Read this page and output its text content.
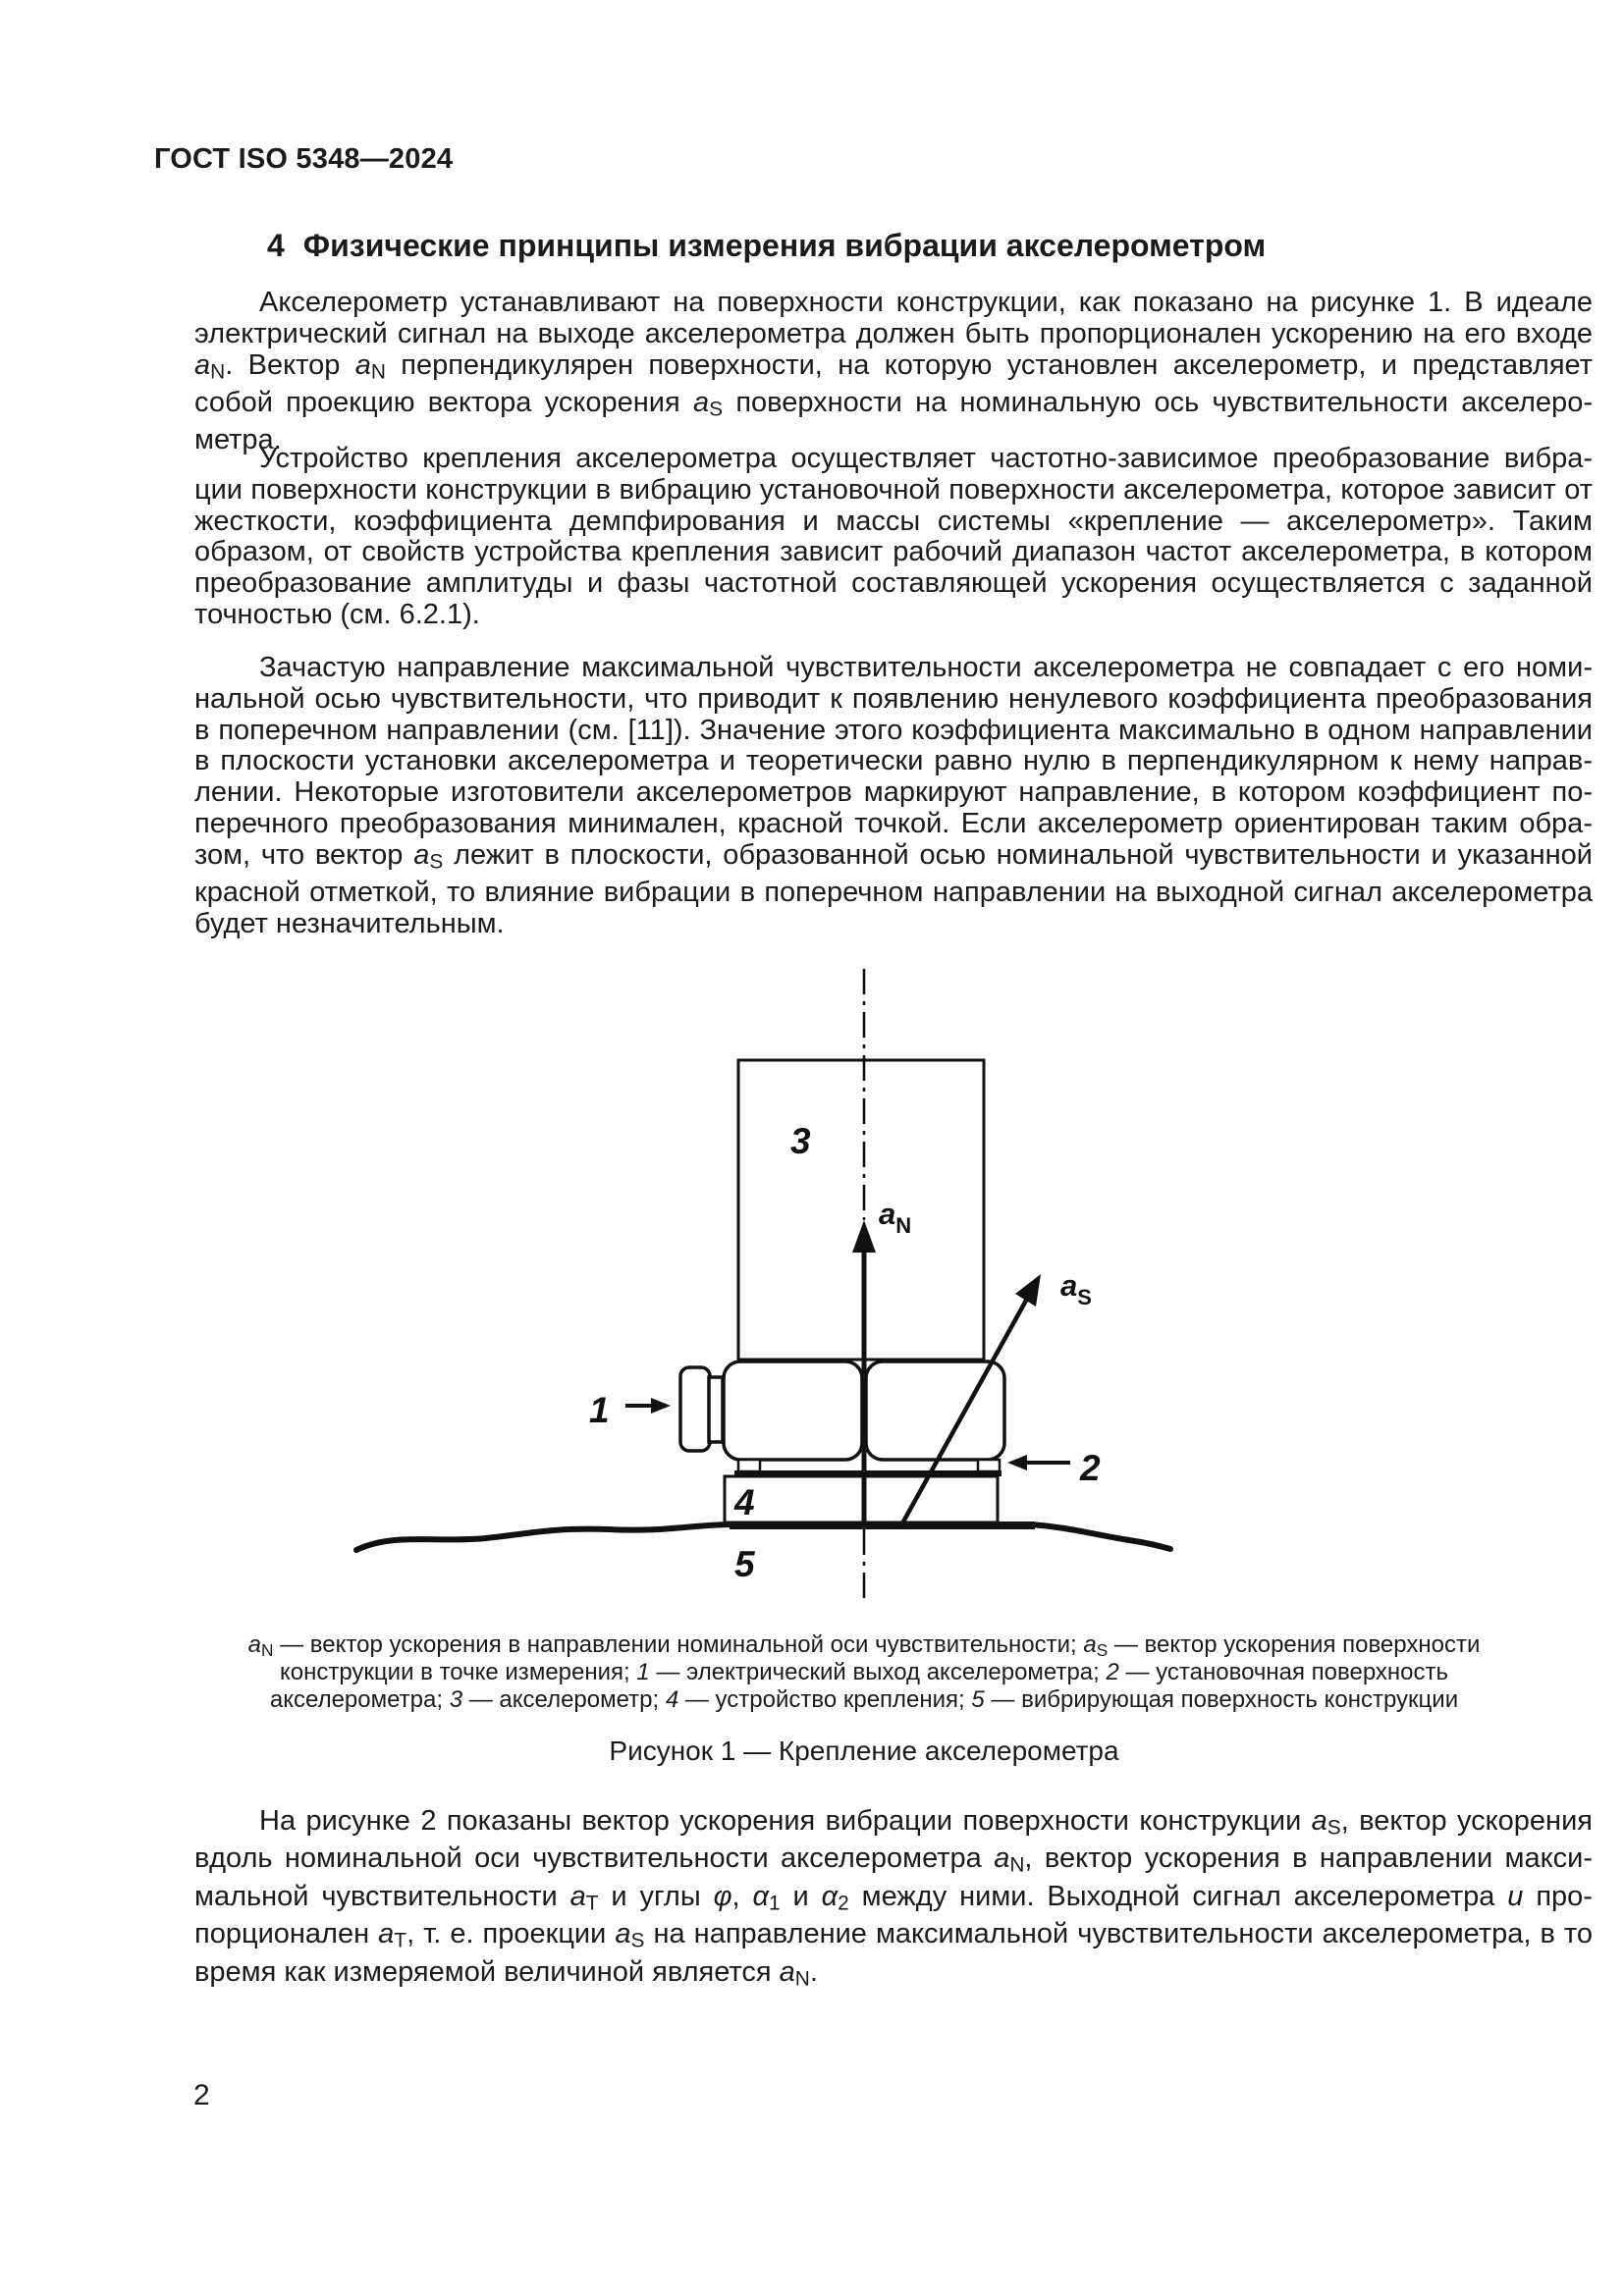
ГОСТ ISO 5348—2024
4 Физические принципы измерения вибрации акселерометром
Акселерометр устанавливают на поверхности конструкции, как показано на рисунке 1. В идеале электрический сигнал на выходе акселерометра должен быть пропорционален ускорению на его входе aN. Вектор aN перпендикулярен поверхности, на которую установлен акселерометр, и представляет собой проекцию вектора ускорения aS поверхности на номинальную ось чувствительности акселерометра.
Устройство крепления акселерометра осуществляет частотно-зависимое преобразование вибрации поверхности конструкции в вибрацию установочной поверхности акселерометра, которое зависит от жесткости, коэффициента демпфирования и массы системы «крепление — акселерометр». Таким образом, от свойств устройства крепления зависит рабочий диапазон частот акселерометра, в котором преобразование амплитуды и фазы частотной составляющей ускорения осуществляется с заданной точностью (см. 6.2.1).
Зачастую направление максимальной чувствительности акселерометра не совпадает с его номинальной осью чувствительности, что приводит к появлению ненулевого коэффициента преобразования в поперечном направлении (см. [11]). Значение этого коэффициента максимально в одном направлении в плоскости установки акселерометра и теоретически равно нулю в перпендикулярном к нему направлении. Некоторые изготовители акселерометров маркируют направление, в котором коэффициент поперечного преобразования минимален, красной точкой. Если акселерометр ориентирован таким образом, что вектор aS лежит в плоскости, образованной осью номинальной чувствительности и указанной красной отметкой, то влияние вибрации в поперечном направлении на выходной сигнал акселерометра будет незначительным.
1
2
3
4
5
aN
aS
aN — вектор ускорения в направлении номинальной оси чувствительности; aS — вектор ускорения поверхности
конструкции в точке измерения; 1 — электрический выход акселерометра; 2 — установочная поверхность
акселерометра; 3 — акселерометр; 4 — устройство крепления; 5 — вибрирующая поверхность конструкции
Рисунок 1 — Крепление акселерометра
На рисунке 2 показаны вектор ускорения вибрации поверхности конструкции aS, вектор ускорения вдоль номинальной оси чувствительности акселерометра aN, вектор ускорения в направлении максимальной чувствительности aT и углы φ, α1 и α2 между ними. Выходной сигнал акселерометра u пропорционален aT, т. е. проекции aS на направление максимальной чувствительности акселерометра, в то время как измеряемой величиной является aN.
2
